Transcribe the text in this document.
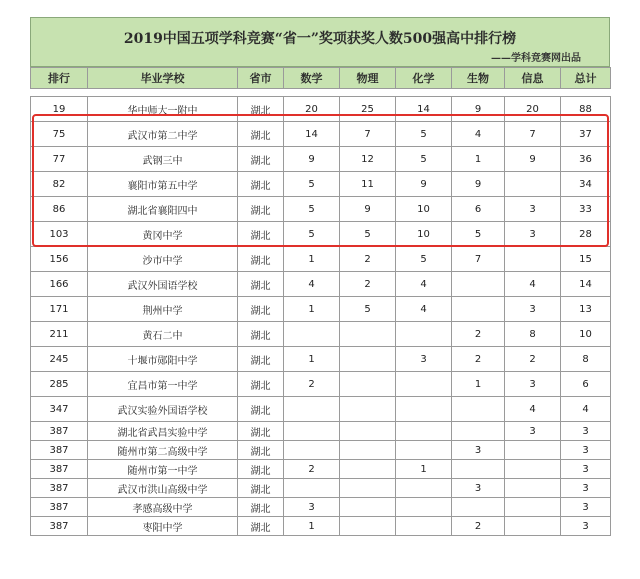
2019中国五项学科竞赛“省一”奖项获奖人数500强高中排行榜
——学科竞赛网出品
排行	毕业学校	省市	数学	物理	化学	生物	信息	总计

19	华中师大一附中	湖北	20	25	14	9	20	88
75	武汉市第二中学	湖北	14	7	5	4	7	37
77	武钢三中	湖北	9	12	5	1	9	36
82	襄阳市第五中学	湖北	5	11	9	9		34
86	湖北省襄阳四中	湖北	5	9	10	6	3	33
103	黄冈中学	湖北	5	5	10	5	3	28
156	沙市中学	湖北	1	2	5	7		15
166	武汉外国语学校	湖北	4	2	4		4	14
171	荆州中学	湖北	1	5	4		3	13
211	黄石二中	湖北				2	8	10
245	十堰市郧阳中学	湖北	1		3	2	2	8
285	宜昌市第一中学	湖北	2			1	3	6
347	武汉实验外国语学校	湖北					4	4
387	湖北省武昌实验中学	湖北					3	3
387	随州市第二高级中学	湖北				3		3
387	随州市第一中学	湖北	2		1			3
387	武汉市洪山高级中学	湖北				3		3
387	孝感高级中学	湖北	3					3
387	枣阳中学	湖北	1			2		3
